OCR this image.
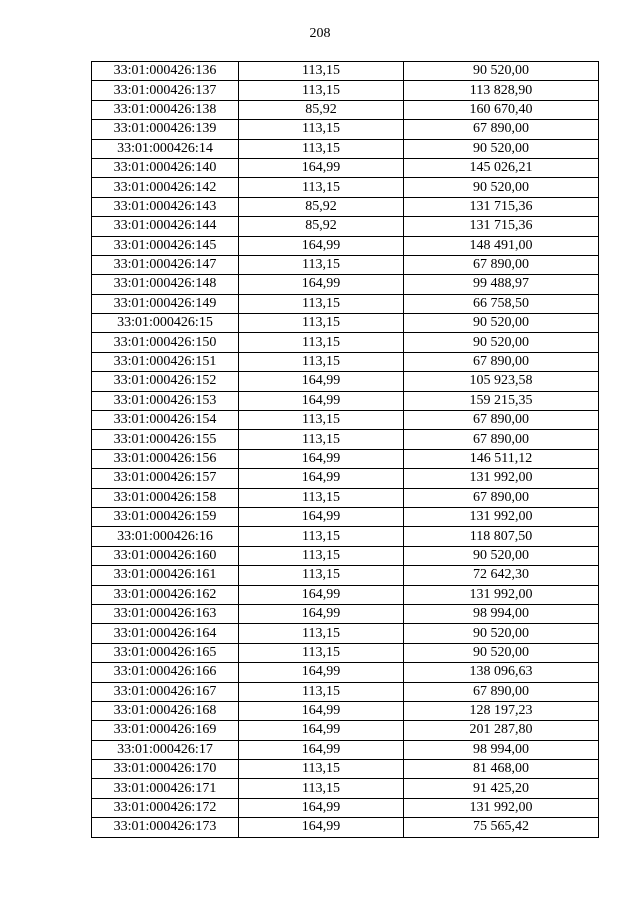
208
33:01:000426:136	113,15	90 520,00
33:01:000426:137	113,15	113 828,90
33:01:000426:138	85,92	160 670,40
33:01:000426:139	113,15	67 890,00
33:01:000426:14	113,15	90 520,00
33:01:000426:140	164,99	145 026,21
33:01:000426:142	113,15	90 520,00
33:01:000426:143	85,92	131 715,36
33:01:000426:144	85,92	131 715,36
33:01:000426:145	164,99	148 491,00
33:01:000426:147	113,15	67 890,00
33:01:000426:148	164,99	99 488,97
33:01:000426:149	113,15	66 758,50
33:01:000426:15	113,15	90 520,00
33:01:000426:150	113,15	90 520,00
33:01:000426:151	113,15	67 890,00
33:01:000426:152	164,99	105 923,58
33:01:000426:153	164,99	159 215,35
33:01:000426:154	113,15	67 890,00
33:01:000426:155	113,15	67 890,00
33:01:000426:156	164,99	146 511,12
33:01:000426:157	164,99	131 992,00
33:01:000426:158	113,15	67 890,00
33:01:000426:159	164,99	131 992,00
33:01:000426:16	113,15	118 807,50
33:01:000426:160	113,15	90 520,00
33:01:000426:161	113,15	72 642,30
33:01:000426:162	164,99	131 992,00
33:01:000426:163	164,99	98 994,00
33:01:000426:164	113,15	90 520,00
33:01:000426:165	113,15	90 520,00
33:01:000426:166	164,99	138 096,63
33:01:000426:167	113,15	67 890,00
33:01:000426:168	164,99	128 197,23
33:01:000426:169	164,99	201 287,80
33:01:000426:17	164,99	98 994,00
33:01:000426:170	113,15	81 468,00
33:01:000426:171	113,15	91 425,20
33:01:000426:172	164,99	131 992,00
33:01:000426:173	164,99	75 565,42
